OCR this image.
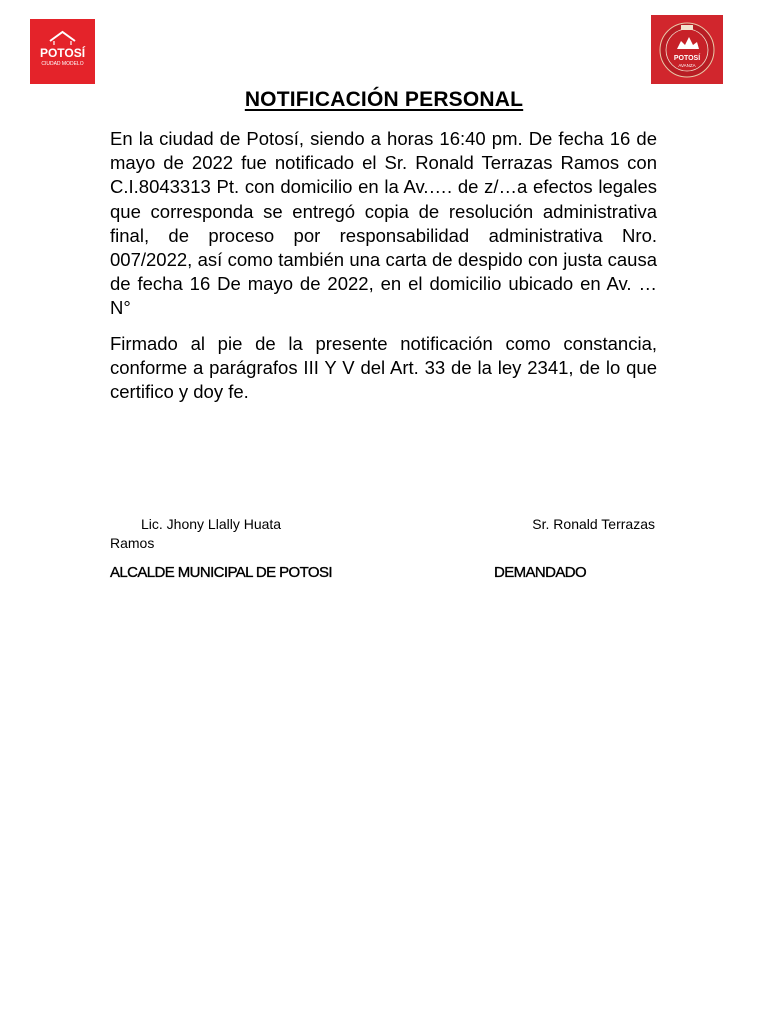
POTOSÍ
CIUDAD MODELO
POTOSÍ
AVANZA
NOTIFICACIÓN PERSONAL
En la ciudad de Potosí, siendo a horas 16:40 pm. De fecha 16 de mayo de 2022 fue notificado el Sr. Ronald Terrazas Ramos con C.I.8043313 Pt. con domicilio en la Av.…. de z/…a efectos legales que corresponda se entregó copia de resolución administrativa final, de proceso por responsabilidad administrativa Nro. 007/2022, así como también una carta de despido con justa causa de fecha 16 De mayo de 2022, en el domicilio ubicado en Av. … N°
Firmado al pie de la presente notificación como constancia, conforme a parágrafos III Y V del Art. 33 de la ley 2341, de lo que certifico y doy fe.
Lic. Jhony Llally Huata	Sr. Ronald Terrazas
Ramos
ALCALDE MUNICIPAL DE POTOSI	DEMANDADO
